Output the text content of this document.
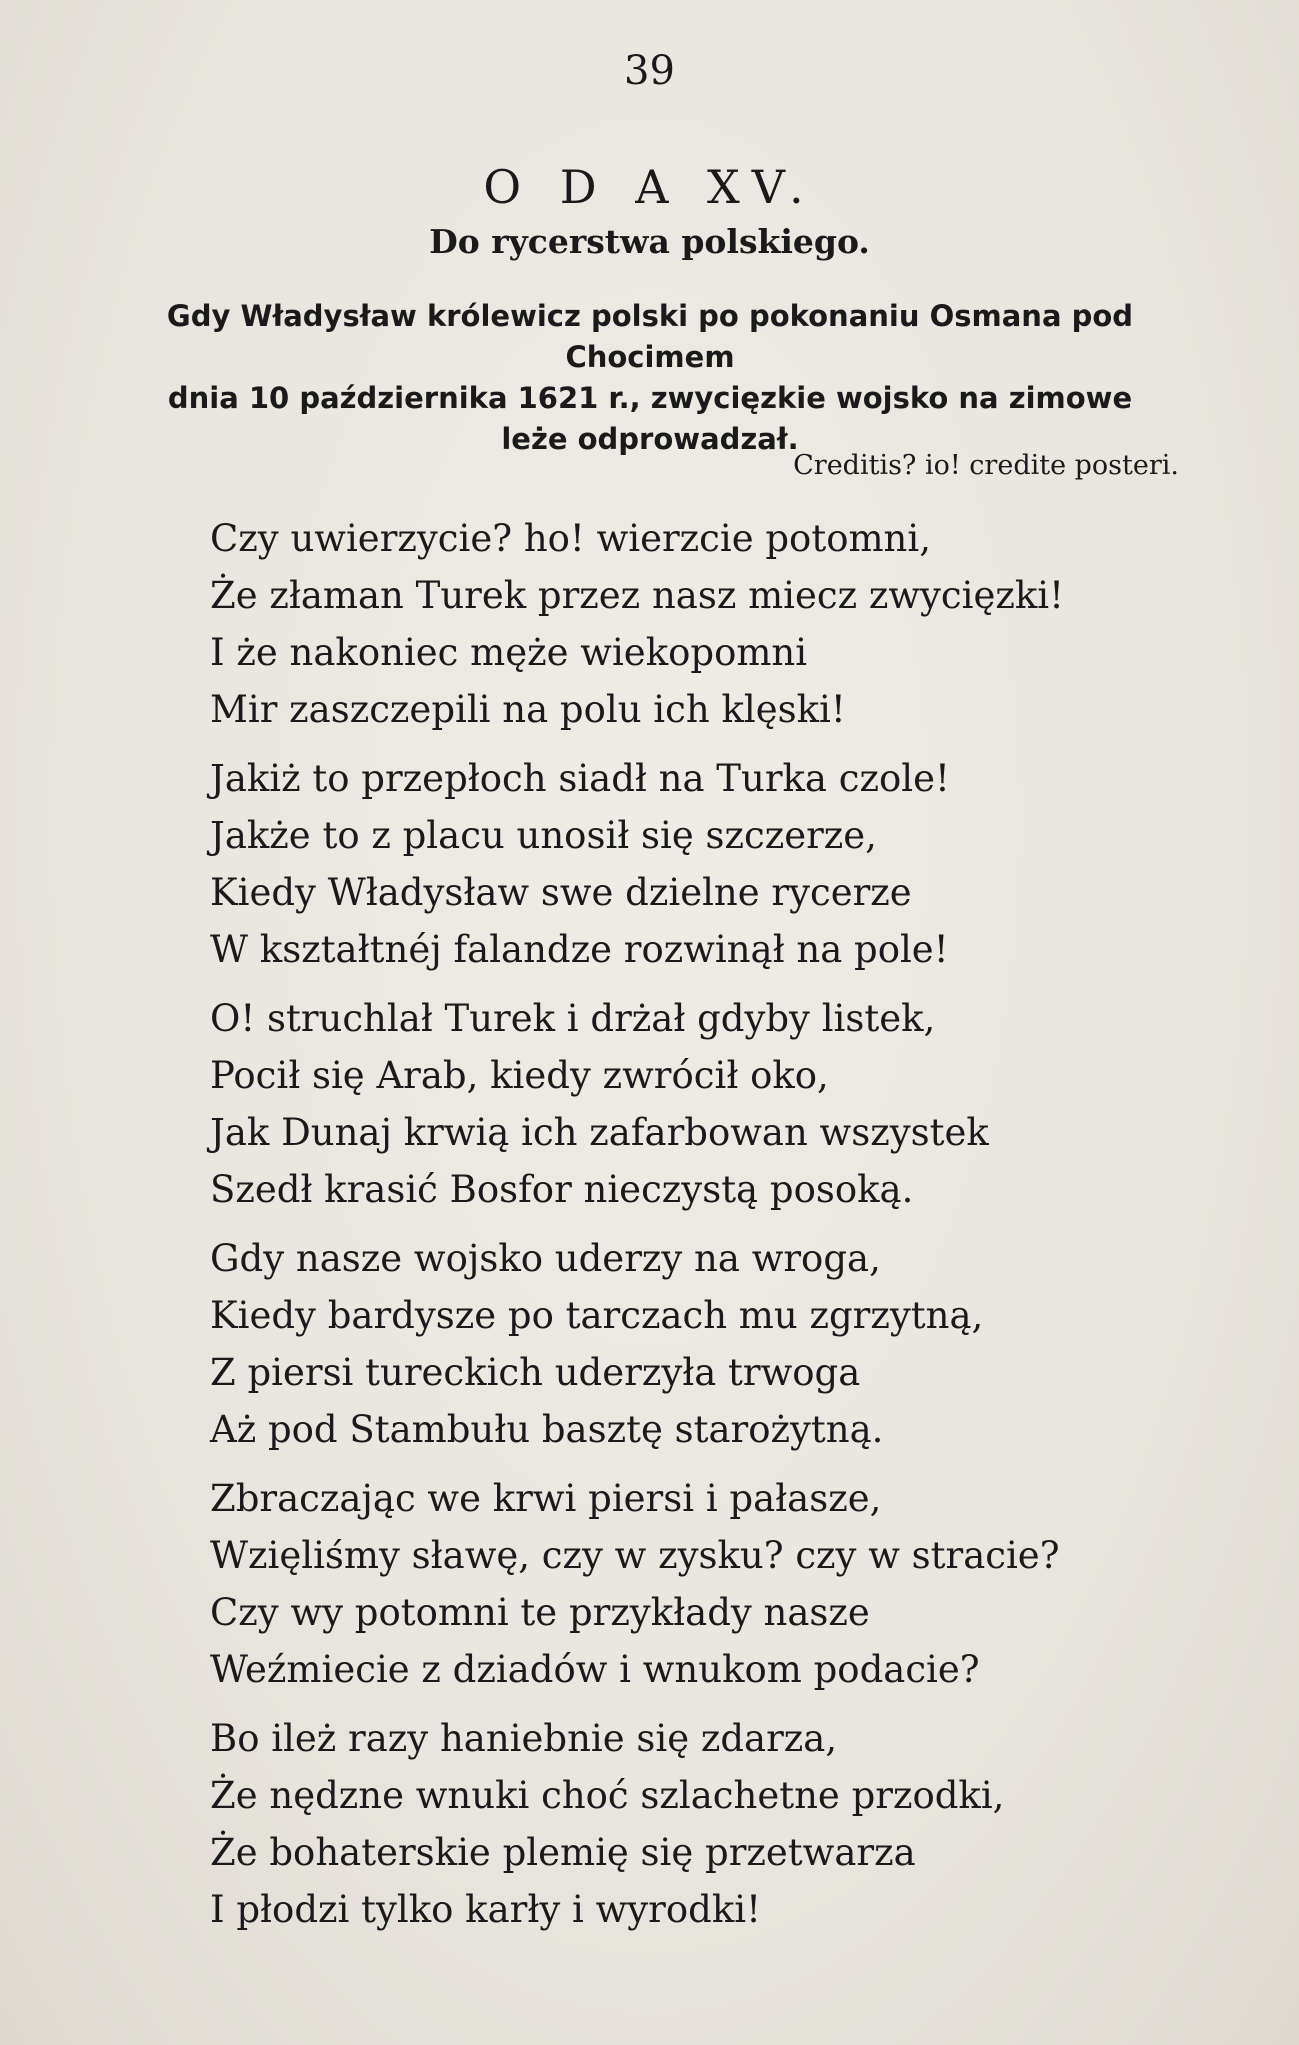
39
O D A XV.
Do rycerstwa polskiego.
Gdy Władysław królewicz polski po pokonaniu Osmana pod Chocimem
dnia 10 października 1621 r., zwycięzkie wojsko na zimowe
leże odprowadzał.
Creditis? io! credite posteri.
Czy uwierzycie? ho! wierzcie potomni,
Że złaman Turek przez nasz miecz zwycięzki!
I że nakoniec męże wiekopomni
Mir zaszczepili na polu ich klęski!
Jakiż to przepłoch siadł na Turka czole!
Jakże to z placu unosił się szczerze,
Kiedy Władysław swe dzielne rycerze
W kształtnéj falandze rozwinął na pole!
O! struchlał Turek i drżał gdyby listek,
Pocił się Arab, kiedy zwrócił oko,
Jak Dunaj krwią ich zafarbowan wszystek
Szedł krasić Bosfor nieczystą posoką.
Gdy nasze wojsko uderzy na wroga,
Kiedy bardysze po tarczach mu zgrzytną,
Z piersi tureckich uderzyła trwoga
Aż pod Stambułu basztę starożytną.
Zbraczając we krwi piersi i pałasze,
Wzięliśmy sławę, czy w zysku? czy w stracie?
Czy wy potomni te przykłady nasze
Weźmiecie z dziadów i wnukom podacie?
Bo ileż razy haniebnie się zdarza,
Że nędzne wnuki choć szlachetne przodki,
Że bohaterskie plemię się przetwarza
I płodzi tylko karły i wyrodki!
